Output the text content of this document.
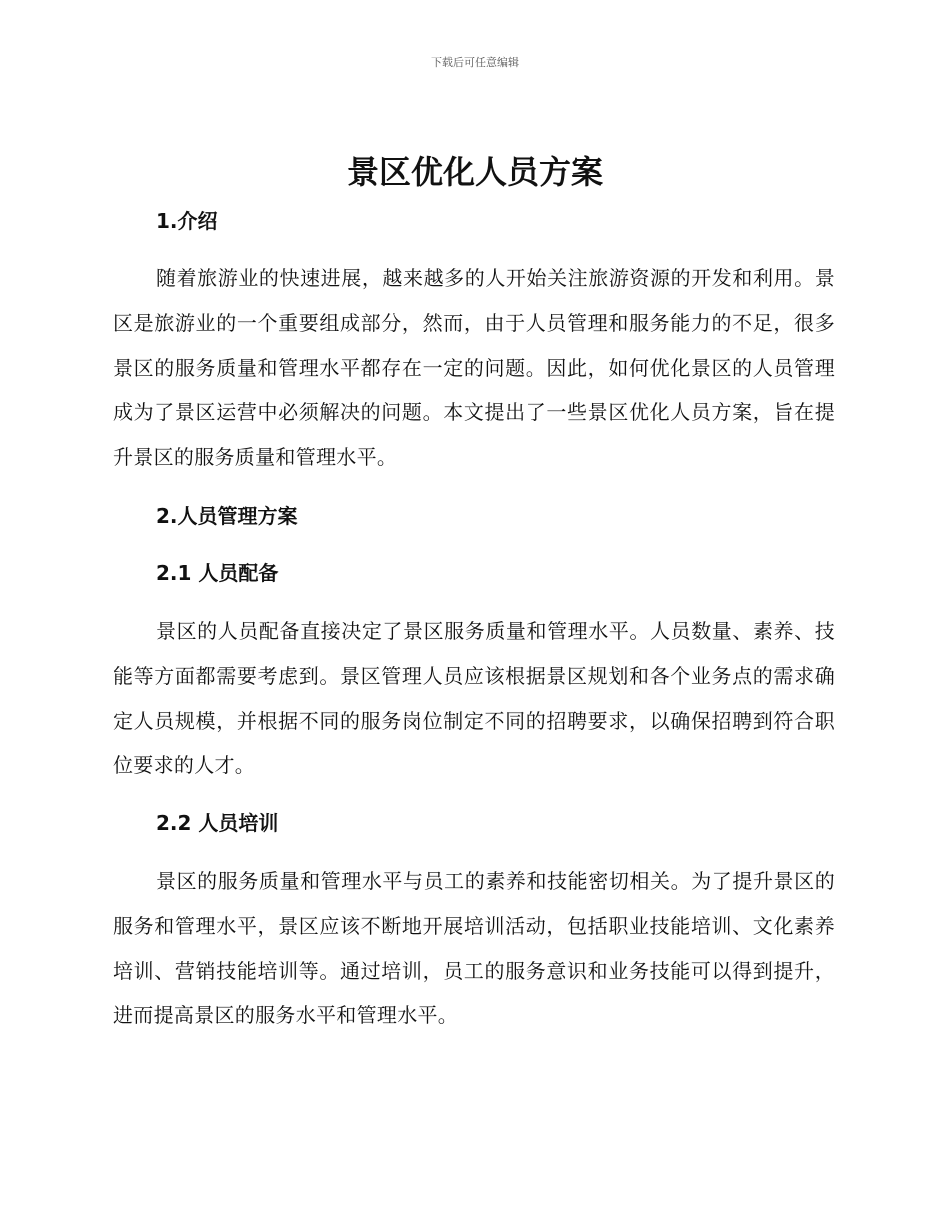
下载后可任意编辑
景区优化人员方案
1.介绍

随着旅游业的快速进展，越来越多的人开始关注旅游资源的开发和利用。景区是旅游业的一个重要组成部分，然而，由于人员管理和服务能力的不足，很多景区的服务质量和管理水平都存在一定的问题。因此，如何优化景区的人员管理成为了景区运营中必须解决的问题。本文提出了一些景区优化人员方案，旨在提升景区的服务质量和管理水平。

2.人员管理方案
2.1 人员配备

景区的人员配备直接决定了景区服务质量和管理水平。人员数量、素养、技能等方面都需要考虑到。景区管理人员应该根据景区规划和各个业务点的需求确定人员规模，并根据不同的服务岗位制定不同的招聘要求，以确保招聘到符合职位要求的人才。

2.2 人员培训

景区的服务质量和管理水平与员工的素养和技能密切相关。为了提升景区的服务和管理水平，景区应该不断地开展培训活动，包括职业技能培训、文化素养培训、营销技能培训等。通过培训，员工的服务意识和业务技能可以得到提升，进而提高景区的服务水平和管理水平。
